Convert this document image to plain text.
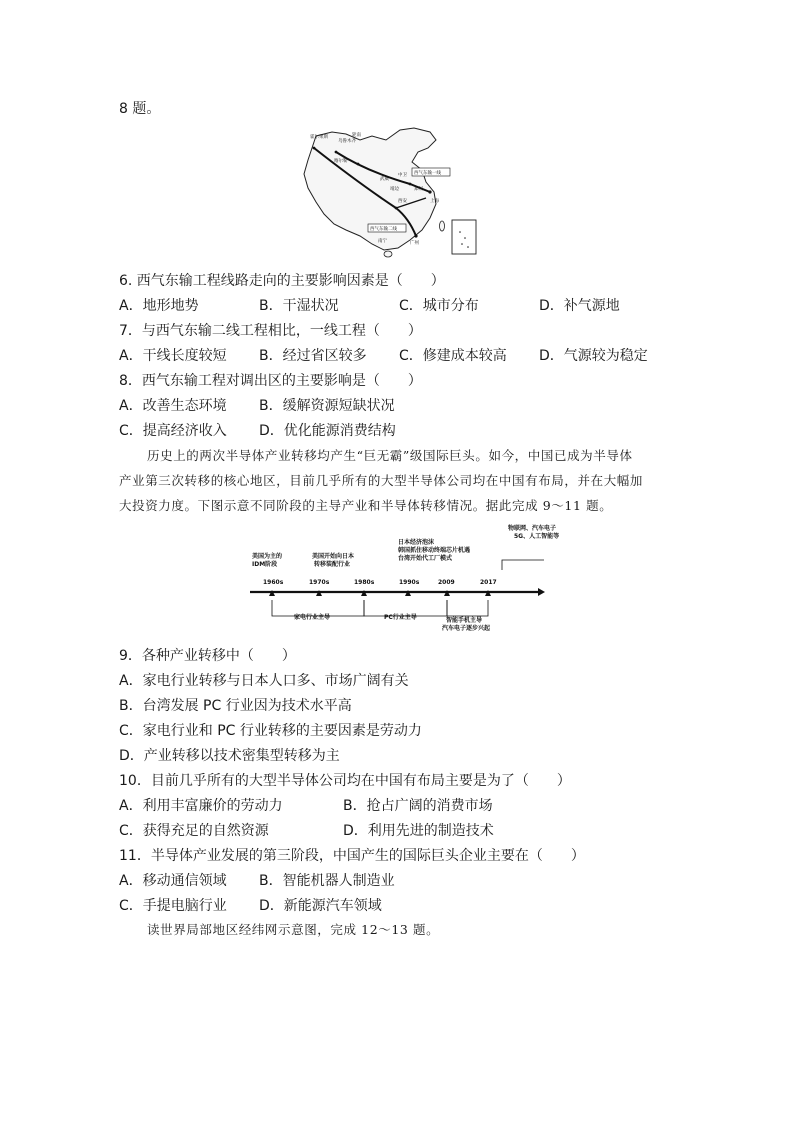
8 题。
西气东输一线
西气东输二线
霍尔果斯
乌鲁木齐
轮南
喀尔勒
武威
中卫
靖边	郑州
西安	上海
广州
南宁
6. 西气东输工程线路走向的主要影响因素是（　　）
A．地形地势	B．干湿状况	C．城市分布	D．补气源地
7．与西气东输二线工程相比，一线工程（　　）
A．干线长度较短 B．经过省区较多 C．修建成本较高 D．气源较为稳定
8．西气东输工程对调出区的主要影响是（　　）
A．改善生态环境 B．缓解资源短缺状况
C．提高经济收入 D．优化能源消费结构
历史上的两次半导体产业转移均产生“巨无霸”级国际巨头。如今，中国已成为半导体
产业第三次转移的核心地区，目前几乎所有的大型半导体公司均在中国有布局，并在大幅加
大投资力度。下图示意不同阶段的主导产业和半导体转移情况。据此完成 9～11 题。
1960s	1970s	1980s	1990s	2009	2017
美国为主的
IDM阶段
美国开始向日本
转移装配行业
日本经济泡沫
韩国抓住移动终端芯片机遇
台湾开始代工厂模式
物联网、汽车电子
5G、人工智能等
家电行业主导	PC行业主导	智能手机主导
汽车电子逐步兴起
9．各种产业转移中（　　）
A．家电行业转移与日本人口多、市场广阔有关
B．台湾发展 PC 行业因为技术水平高
C．家电行业和 PC 行业转移的主要因素是劳动力
D．产业转移以技术密集型转移为主
10．目前几乎所有的大型半导体公司均在中国有布局主要是为了（　　）
A．利用丰富廉价的劳动力	B．抢占广阔的消费市场
C．获得充足的自然资源	D．利用先进的制造技术
11．半导体产业发展的第三阶段，中国产生的国际巨头企业主要在（　　）
A．移动通信领域 B．智能机器人制造业
C．手提电脑行业 D．新能源汽车领域
读世界局部地区经纬网示意图，完成 12～13 题。
